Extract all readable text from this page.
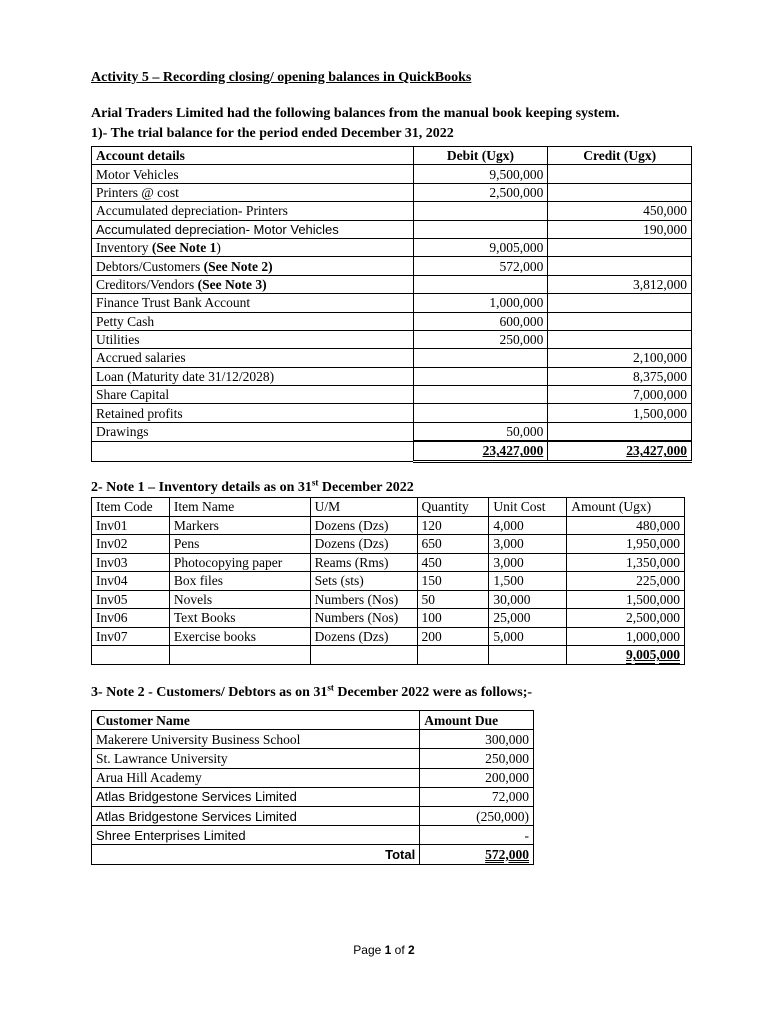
Activity 5 – Recording closing/ opening balances in QuickBooks
Arial Traders Limited had the following balances from the manual book keeping system.
1)- The trial balance for the period ended December 31, 2022
Account details	Debit (Ugx)	Credit (Ugx)
Motor Vehicles	9,500,000	
Printers @ cost	2,500,000	
Accumulated depreciation- Printers		450,000
Accumulated depreciation- Motor Vehicles		190,000
Inventory (See Note 1)	9,005,000	
Debtors/Customers (See Note 2)	572,000	
Creditors/Vendors (See Note 3)		3,812,000
Finance Trust Bank Account	1,000,000	
Petty Cash	600,000	
Utilities	250,000	
Accrued salaries		2,100,000
Loan (Maturity date 31/12/2028)		8,375,000
Share Capital		7,000,000
Retained profits		1,500,000
Drawings	50,000	
	23,427,000	23,427,000
2- Note 1 – Inventory details as on 31st December 2022
Item Code	Item Name	U/M	Quantity	Unit Cost	Amount (Ugx)
Inv01	Markers	Dozens (Dzs)	120	4,000	480,000
Inv02	Pens	Dozens (Dzs)	650	3,000	1,950,000
Inv03	Photocopying paper	Reams (Rms)	450	3,000	1,350,000
Inv04	Box files	Sets (sts)	150	1,500	225,000
Inv05	Novels	Numbers (Nos)	50	30,000	1,500,000
Inv06	Text Books	Numbers (Nos)	100	25,000	2,500,000
Inv07	Exercise books	Dozens (Dzs)	200	5,000	1,000,000
					9,005,000
3- Note 2 - Customers/ Debtors as on 31st December 2022 were as follows;-
Customer Name	Amount Due
Makerere University Business School	300,000
St. Lawrance University	250,000
Arua Hill Academy	200,000
Atlas Bridgestone Services Limited	72,000
Atlas Bridgestone Services Limited	(250,000)
Shree Enterprises Limited	-
Total	572,000
Page 1 of 2
